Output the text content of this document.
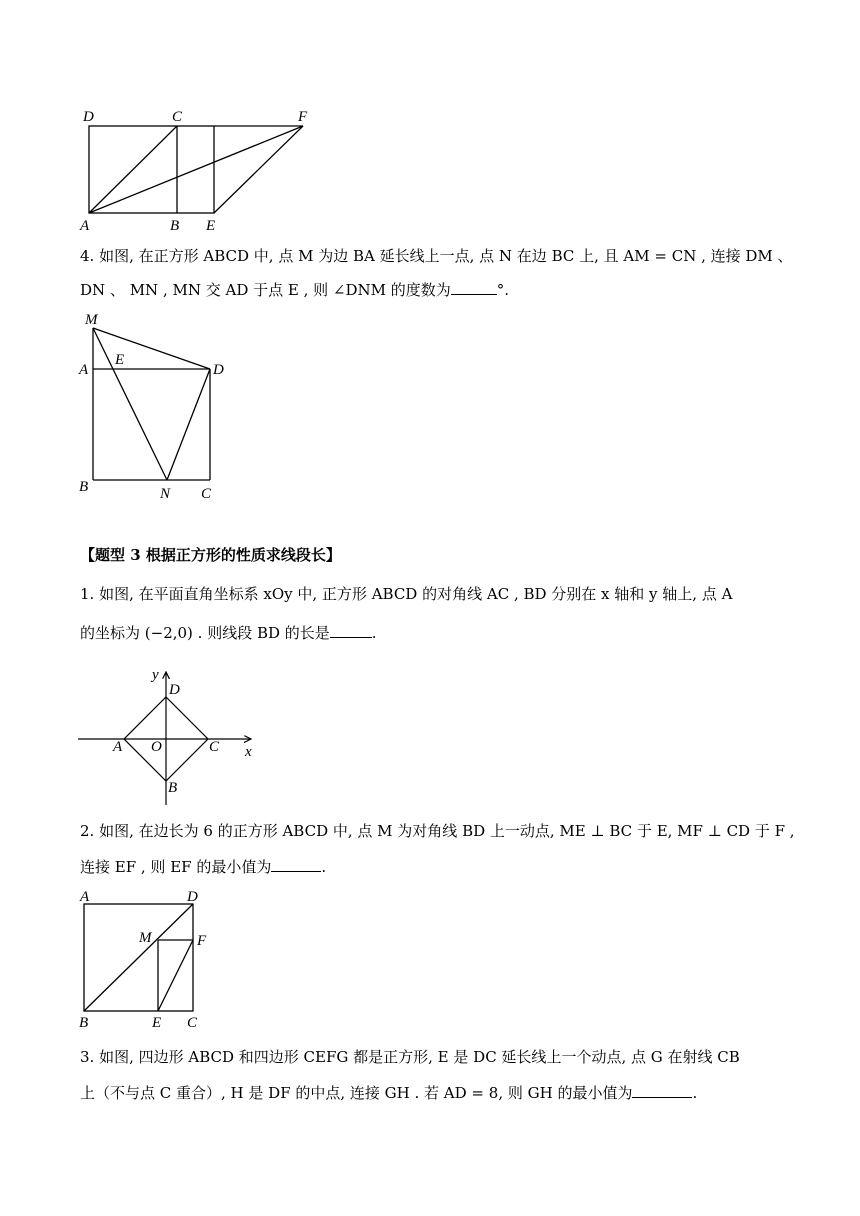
D	C	F
A	B E
4. 如图, 在正方形 ABCD 中, 点 M 为边 BA 延长线上一点, 点 N 在边 BC 上, 且 AM = CN , 连接 DM 、
DN 、 MN , MN 交 AD 于点 E , 则 ∠DNM 的度数为	°.
M
E
A	D
B	N C
【题型 3 根据正方形的性质求线段长】
1. 如图, 在平面直角坐标系 xOy 中, 正方形 ABCD 的对角线 AC , BD 分别在 x 轴和 y 轴上, 点 A
的坐标为 (−2,0) . 则线段 BD 的长是	.
y
D
A O	C x
B
2. 如图, 在边长为 6 的正方形 ABCD 中, 点 M 为对角线 BD 上一动点, ME ⊥ BC 于 E, MF ⊥ CD 于 F ,
连接 EF , 则 EF 的最小值为	.
A	D
M	F
B	E C
3. 如图, 四边形 ABCD 和四边形 CEFG 都是正方形, E 是 DC 延长线上一个动点, 点 G 在射线 CB
上（不与点 C 重合）, H 是 DF 的中点, 连接 GH . 若 AD = 8, 则 GH 的最小值为	.
